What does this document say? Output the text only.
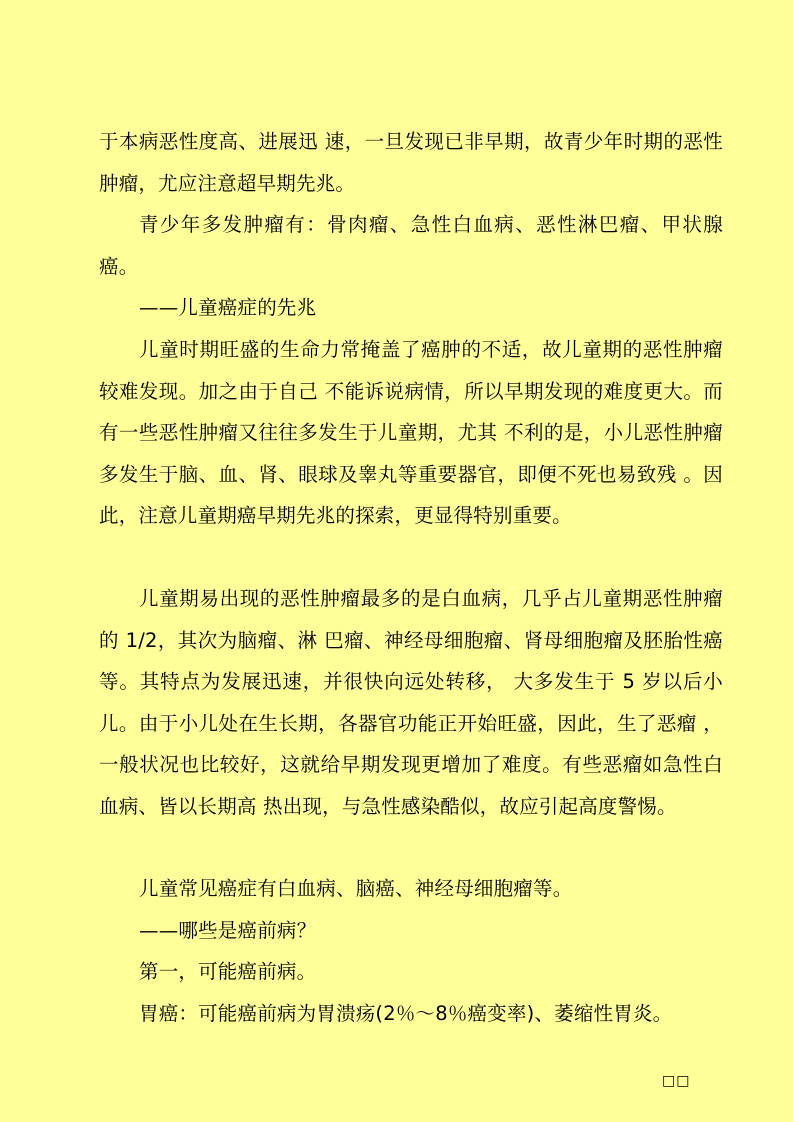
于本病恶性度高、进展迅 速，一旦发现已非早期，故青少年时期的恶性肿瘤，尤应注意超早期先兆。

青少年多发肿瘤有：骨肉瘤、急性白血病、恶性淋巴瘤、甲状腺癌。

——儿童癌症的先兆

儿童时期旺盛的生命力常掩盖了癌肿的不适，故儿童期的恶性肿瘤较难发现。加之由于自己 不能诉说病情，所以早期发现的难度更大。而有一些恶性肿瘤又往往多发生于儿童期，尤其 不利的是，小儿恶性肿瘤多发生于脑、血、肾、眼球及睾丸等重要器官，即便不死也易致残 。因此，注意儿童期癌早期先兆的探索，更显得特别重要。

儿童期易出现的恶性肿瘤最多的是白血病，几乎占儿童期恶性肿瘤的 1/2，其次为脑瘤、淋 巴瘤、神经母细胞瘤、肾母细胞瘤及胚胎性癌等。其特点为发展迅速，并很快向远处转移， 大多发生于 5 岁以后小儿。由于小儿处在生长期，各器官功能正开始旺盛，因此，生了恶瘤 ，一般状况也比较好，这就给早期发现更增加了难度。有些恶瘤如急性白血病、皆以长期高 热出现，与急性感染酷似，故应引起高度警惕。

儿童常见癌症有白血病、脑癌、神经母细胞瘤等。

——哪些是癌前病？

第一，可能癌前病。

胃癌：可能癌前病为胃溃疡(2％～8％癌变率)、萎缩性胃炎。

□□
